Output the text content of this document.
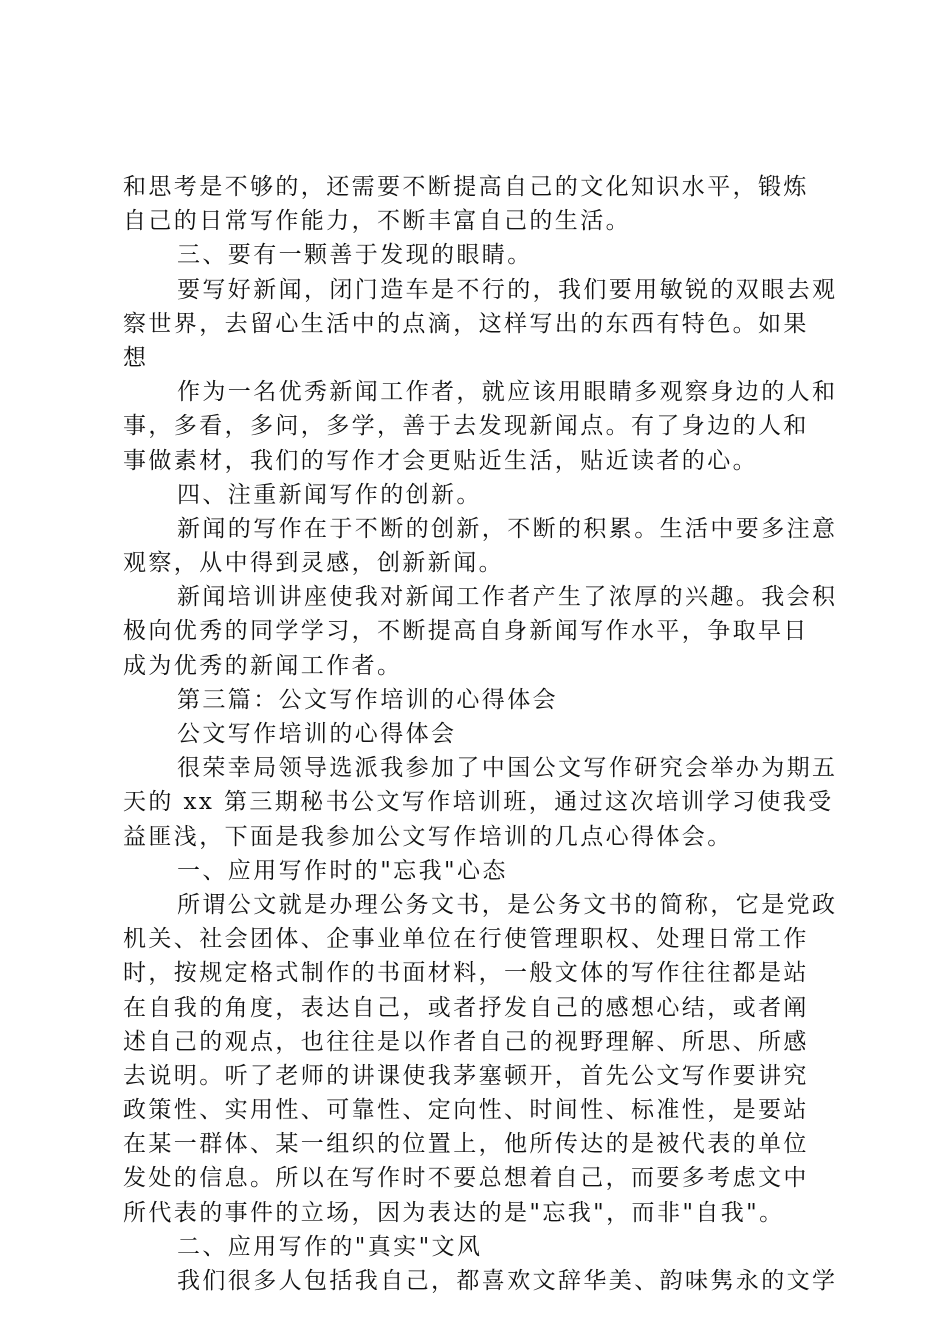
和思考是不够的，还需要不断提高自己的文化知识水平，锻炼
自己的日常写作能力，不断丰富自己的生活。
三、要有一颗善于发现的眼睛。
要写好新闻，闭门造车是不行的，我们要用敏锐的双眼去观
察世界，去留心生活中的点滴，这样写出的东西有特色。如果
想
作为一名优秀新闻工作者，就应该用眼睛多观察身边的人和
事，多看，多问，多学，善于去发现新闻点。有了身边的人和
事做素材，我们的写作才会更贴近生活，贴近读者的心。
四、注重新闻写作的创新。
新闻的写作在于不断的创新，不断的积累。生活中要多注意
观察，从中得到灵感，创新新闻。
新闻培训讲座使我对新闻工作者产生了浓厚的兴趣。我会积
极向优秀的同学学习，不断提高自身新闻写作水平，争取早日
成为优秀的新闻工作者。
第三篇：公文写作培训的心得体会
公文写作培训的心得体会
很荣幸局领导选派我参加了中国公文写作研究会举办为期五
天的 xx 第三期秘书公文写作培训班，通过这次培训学习使我受
益匪浅，下面是我参加公文写作培训的几点心得体会。
一、应用写作时的"忘我"心态
所谓公文就是办理公务文书，是公务文书的简称，它是党政
机关、社会团体、企事业单位在行使管理职权、处理日常工作
时，按规定格式制作的书面材料，一般文体的写作往往都是站
在自我的角度，表达自己，或者抒发自己的感想心结，或者阐
述自己的观点，也往往是以作者自己的视野理解、所思、所感
去说明。听了老师的讲课使我茅塞顿开，首先公文写作要讲究
政策性、实用性、可靠性、定向性、时间性、标准性，是要站
在某一群体、某一组织的位置上，他所传达的是被代表的单位
发处的信息。所以在写作时不要总想着自己，而要多考虑文中
所代表的事件的立场，因为表达的是"忘我"，而非"自我"。
二、应用写作的"真实"文风
我们很多人包括我自己，都喜欢文辞华美、韵味隽永的文学
